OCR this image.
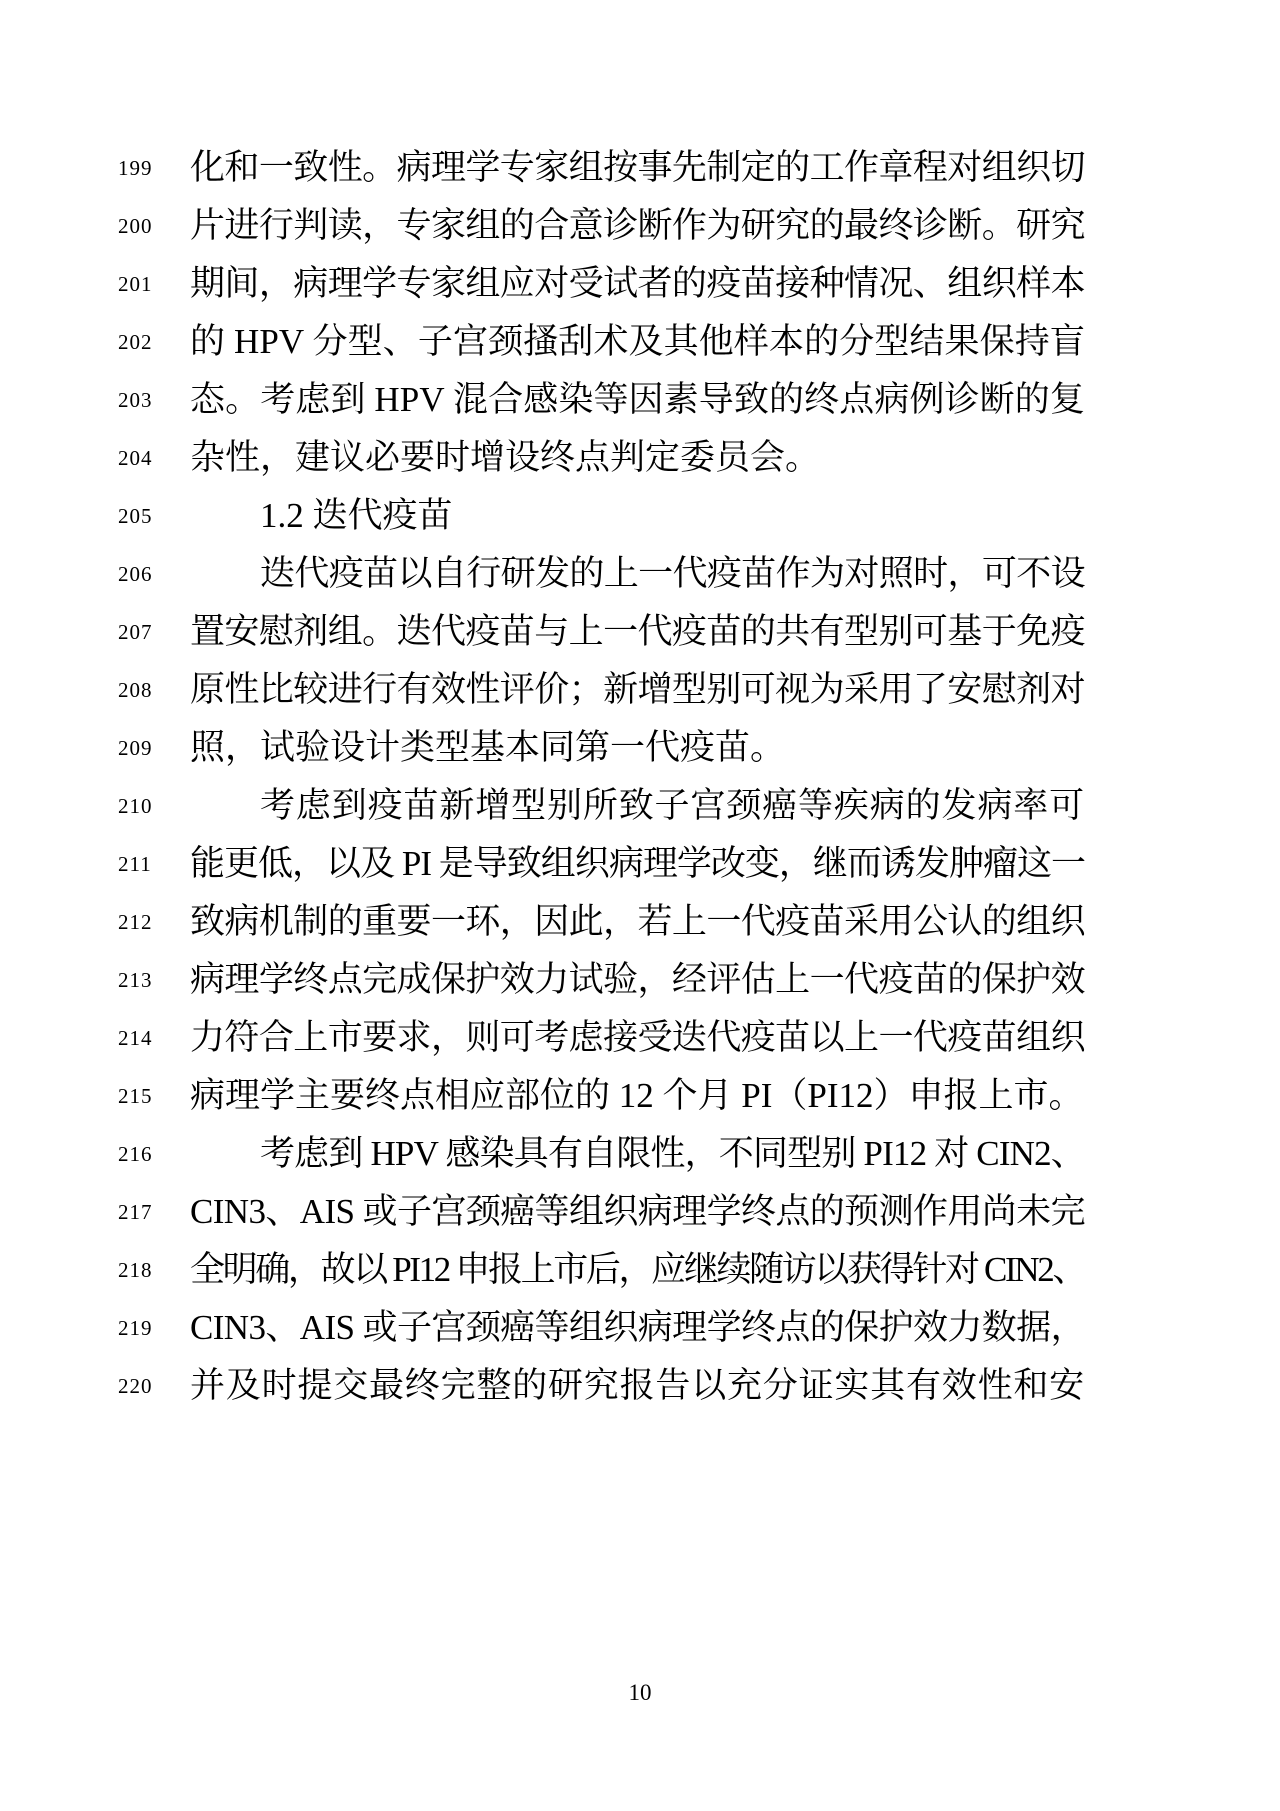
199 化和一致性。病理学专家组按事先制定的工作章程对组织切
200 片进行判读，专家组的合意诊断作为研究的最终诊断。研究
201 期间，病理学专家组应对受试者的疫苗接种情况、组织样本
202 的 HPV 分型、子宫颈搔刮术及其他样本的分型结果保持盲
203 态。考虑到 HPV 混合感染等因素导致的终点病例诊断的复
204 杂性，建议必要时增设终点判定委员会。
205	1.2 迭代疫苗
206	迭代疫苗以自行研发的上一代疫苗作为对照时，可不设
207 置安慰剂组。迭代疫苗与上一代疫苗的共有型别可基于免疫
208 原性比较进行有效性评价；新增型别可视为采用了安慰剂对
209 照，试验设计类型基本同第一代疫苗。
210	考虑到疫苗新增型别所致子宫颈癌等疾病的发病率可
211 能更低，以及 PI 是导致组织病理学改变，继而诱发肿瘤这一
212 致病机制的重要一环，因此，若上一代疫苗采用公认的组织
213 病理学终点完成保护效力试验，经评估上一代疫苗的保护效
214 力符合上市要求，则可考虑接受迭代疫苗以上一代疫苗组织
215 病理学主要终点相应部位的 12 个月 PI（PI12）申报上市。
216	考虑到 HPV 感染具有自限性，不同型别 PI12 对 CIN2、
217 CIN3、AIS 或子宫颈癌等组织病理学终点的预测作用尚未完
218 全明确，故以 PI12 申报上市后，应继续随访以获得针对 CIN2、
219 CIN3、AIS 或子宫颈癌等组织病理学终点的保护效力数据，
220 并及时提交最终完整的研究报告以充分证实其有效性和安
10
